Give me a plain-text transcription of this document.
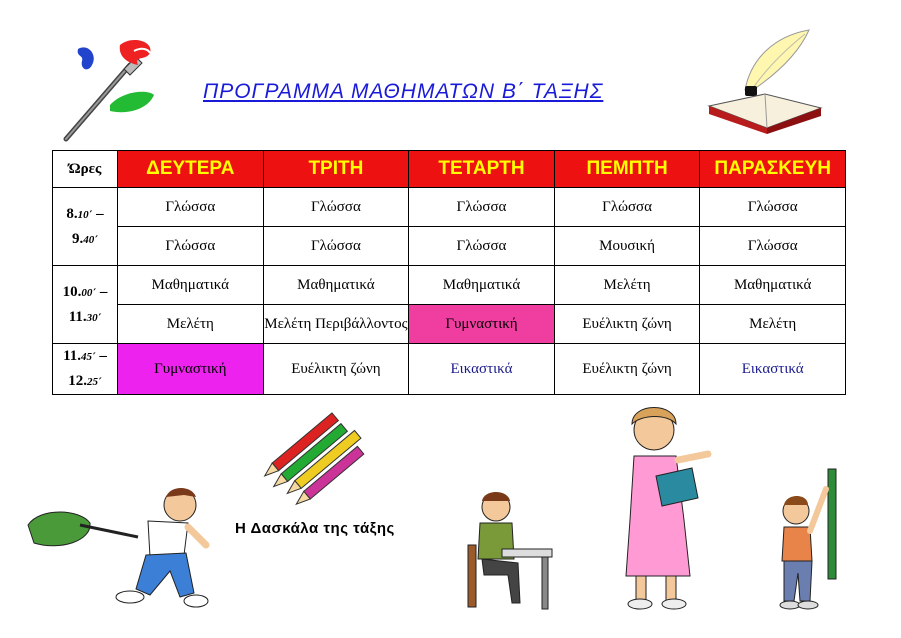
ΠΡΟΓΡΑΜΜΑ ΜΑΘΗΜΑΤΩΝ Β΄ ΤΑΞΗΣ
Ώρες	ΔΕΥΤΕΡΑ	ΤΡΙΤΗ	ΤΕΤΑΡΤΗ	ΠΕΜΠΤΗ	ΠΑΡΑΣΚΕΥΗ
8.10΄ –
9.40΄	Γλώσσα	Γλώσσα	Γλώσσα	Γλώσσα	Γλώσσα
	Γλώσσα	Γλώσσα	Γλώσσα	Μουσική	Γλώσσα
10.00΄ –
11.30΄	Μαθηματικά	Μαθηματικά	Μαθηματικά	Μελέτη	Μαθηματικά
	Μελέτη	Μελέτη Περιβάλλοντος	Γυμναστική	Ευέλικτη ζώνη	Μελέτη
11.45΄ –
12.25΄	Γυμναστική	Ευέλικτη ζώνη	Εικαστικά	Ευέλικτη ζώνη	Εικαστικά
Η Δασκάλα της τάξης
